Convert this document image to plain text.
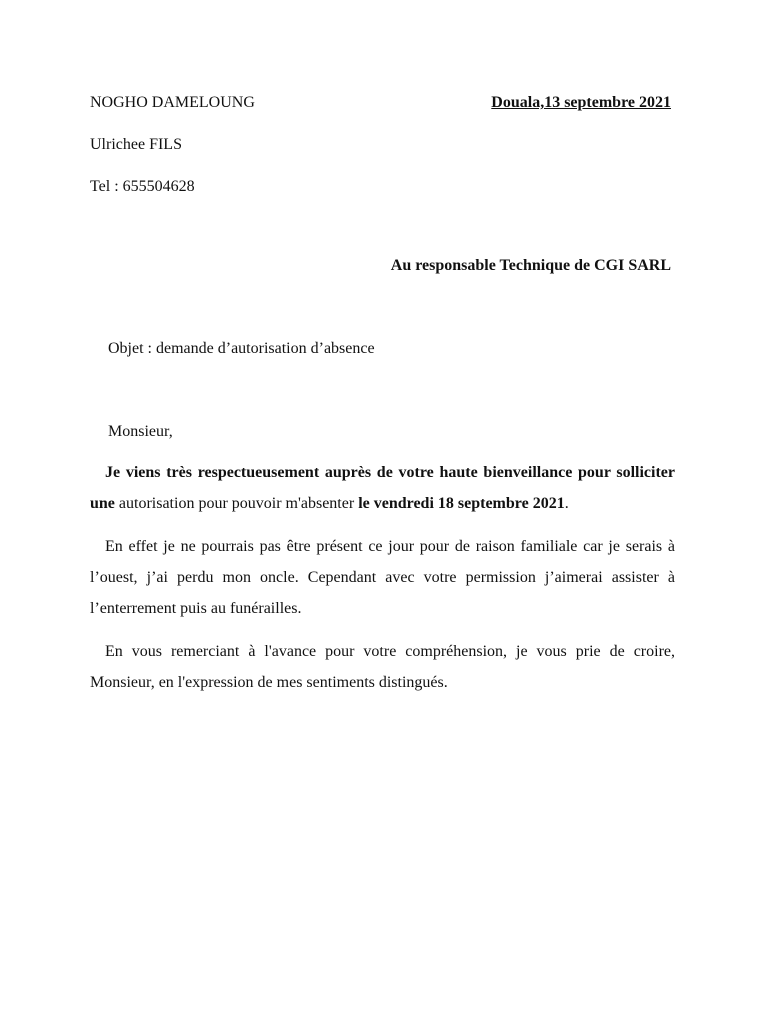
NOGHO DAMELOUNG
Ulrichee FILS
Tel : 655504628
Douala,13 septembre 2021
Au responsable Technique de CGI SARL
Objet : demande d’autorisation d’absence
Monsieur,
Je viens très respectueusement auprès de votre haute bienveillance pour solliciter une autorisation pour pouvoir m'absenter le vendredi 18 septembre 2021.
En effet je ne pourrais pas être présent ce jour pour de raison familiale car je serais à l’ouest, j’ai perdu mon oncle. Cependant avec votre permission j’aimerai assister à l’enterrement puis au funérailles.
En vous remerciant à l'avance pour votre compréhension, je vous prie de croire, Monsieur, en l'expression de mes sentiments distingués.
